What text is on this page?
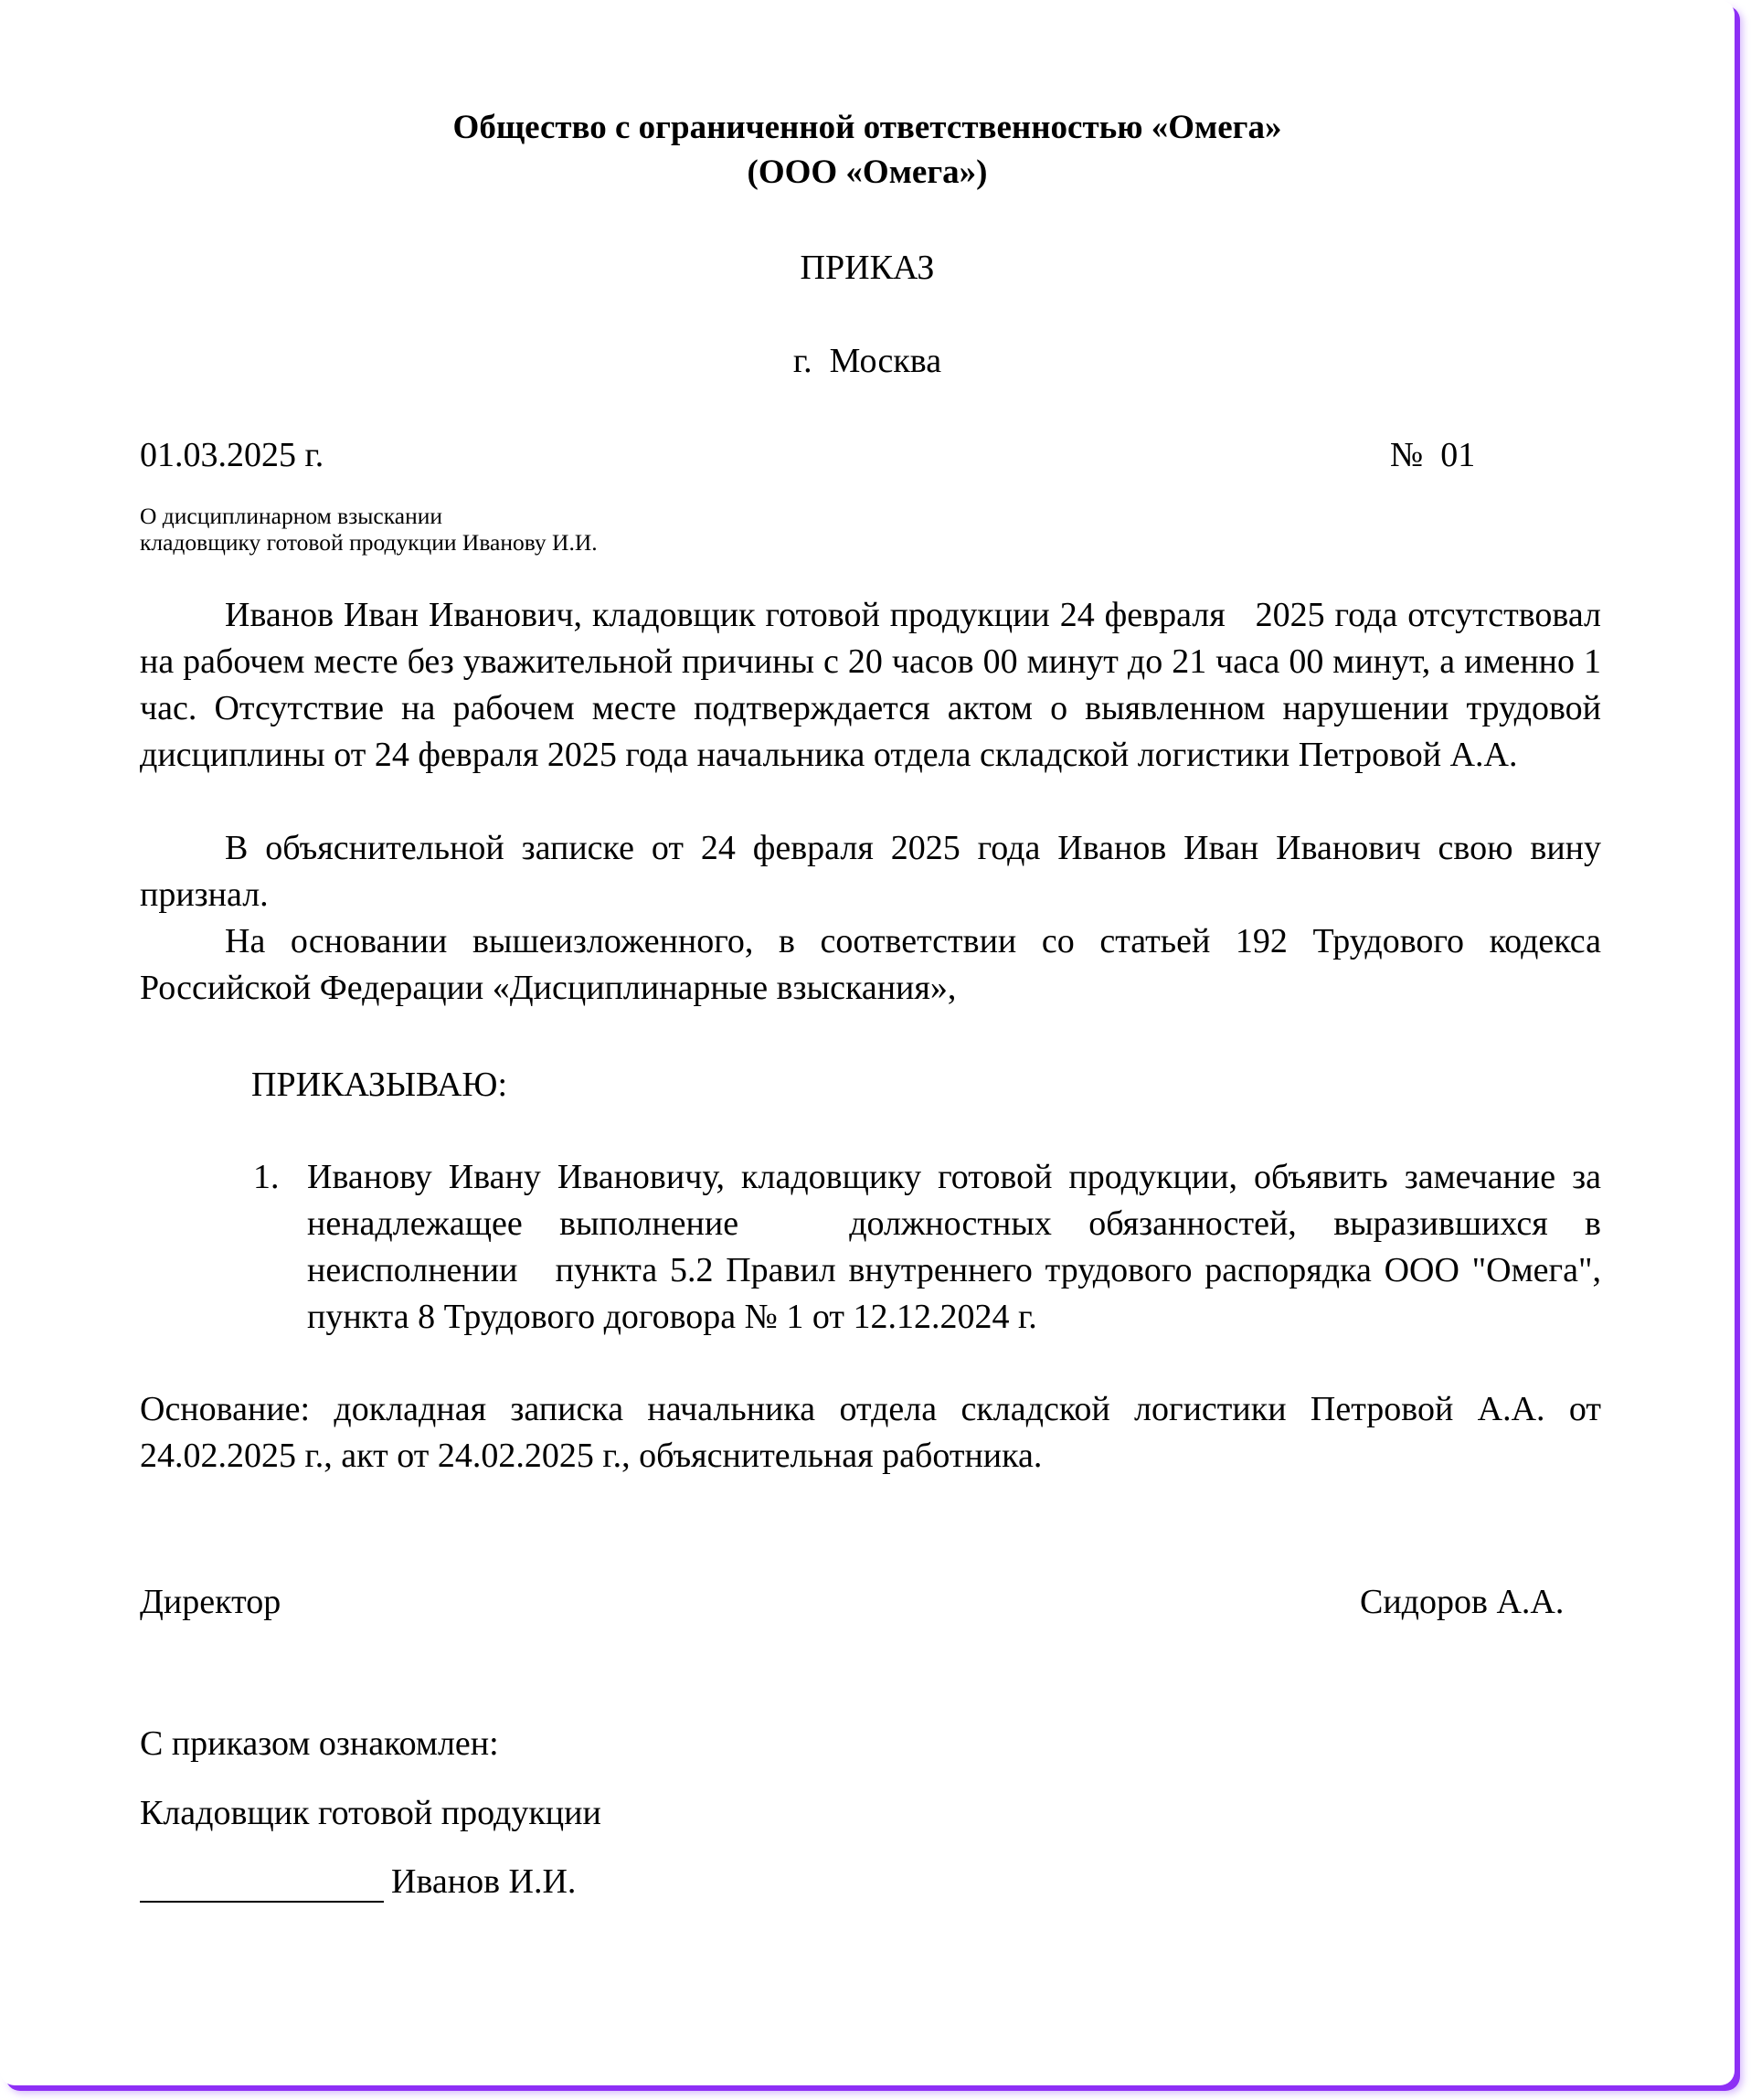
Общество с ограниченной ответственностью «Омега»
(ООО «Омега»)
ПРИКАЗ
г.  Москва
01.03.2025 г.	№  01
О дисциплинарном взыскании
кладовщику готовой продукции Иванову И.И.
Иванов Иван Иванович, кладовщик готовой продукции 24 февраля   2025 года отсутствовал на рабочем месте без уважительной причины с 20 часов 00 минут до 21 часа 00 минут, а именно 1 час. Отсутствие на рабочем месте подтверждается актом о выявленном нарушении трудовой дисциплины от 24 февраля 2025 года начальника отдела складской логистики Петровой А.А.
В объяснительной записке от 24 февраля 2025 года Иванов Иван Иванович свою вину признал.
На основании вышеизложенного, в соответствии со статьей 192 Трудового кодекса Российской Федерации «Дисциплинарные взыскания»,
ПРИКАЗЫВАЮ:
1. Иванову Ивану Ивановичу, кладовщику готовой продукции, объявить замечание за ненадлежащее выполнение   должностных обязанностей, выразившихся в неисполнении   пункта 5.2 Правил внутреннего трудового распорядка ООО "Омега", пункта 8 Трудового договора № 1 от 12.12.2024 г.
Основание: докладная записка начальника отдела складской логистики Петровой А.А. от 24.02.2025 г., акт от 24.02.2025 г., объяснительная работника.
Директор	Сидоров А.А.
С приказом ознакомлен:
Кладовщик готовой продукции
Иванов И.И.
